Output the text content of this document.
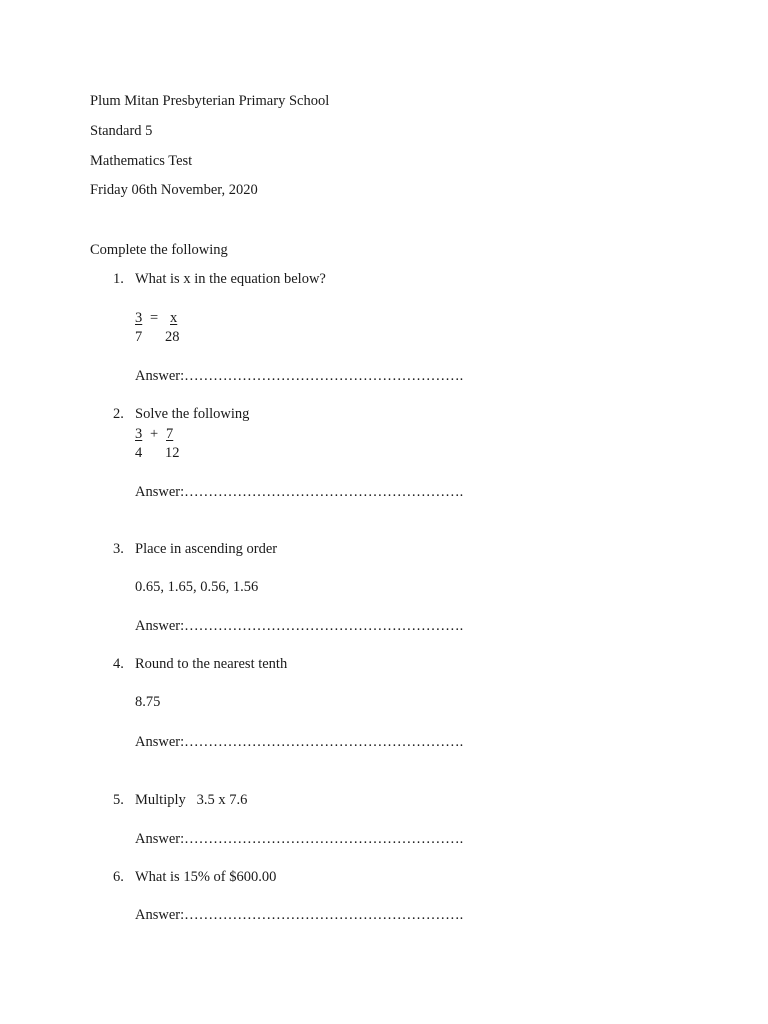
Plum Mitan Presbyterian Primary School
Standard 5
Mathematics Test
Friday 06th November, 2020
Complete the following
1. What is x in the equation below?
3 = x
7 28
Answer:………………………………………………….
2. Solve the following
3 + 7
4 12
Answer:………………………………………………….
3. Place in ascending order
0.65, 1.65, 0.56, 1.56
Answer:………………………………………………….
4. Round to the nearest tenth
8.75
Answer:………………………………………………….
5. Multiply   3.5 x 7.6
Answer:………………………………………………….
6. What is 15% of $600.00
Answer:………………………………………………….
